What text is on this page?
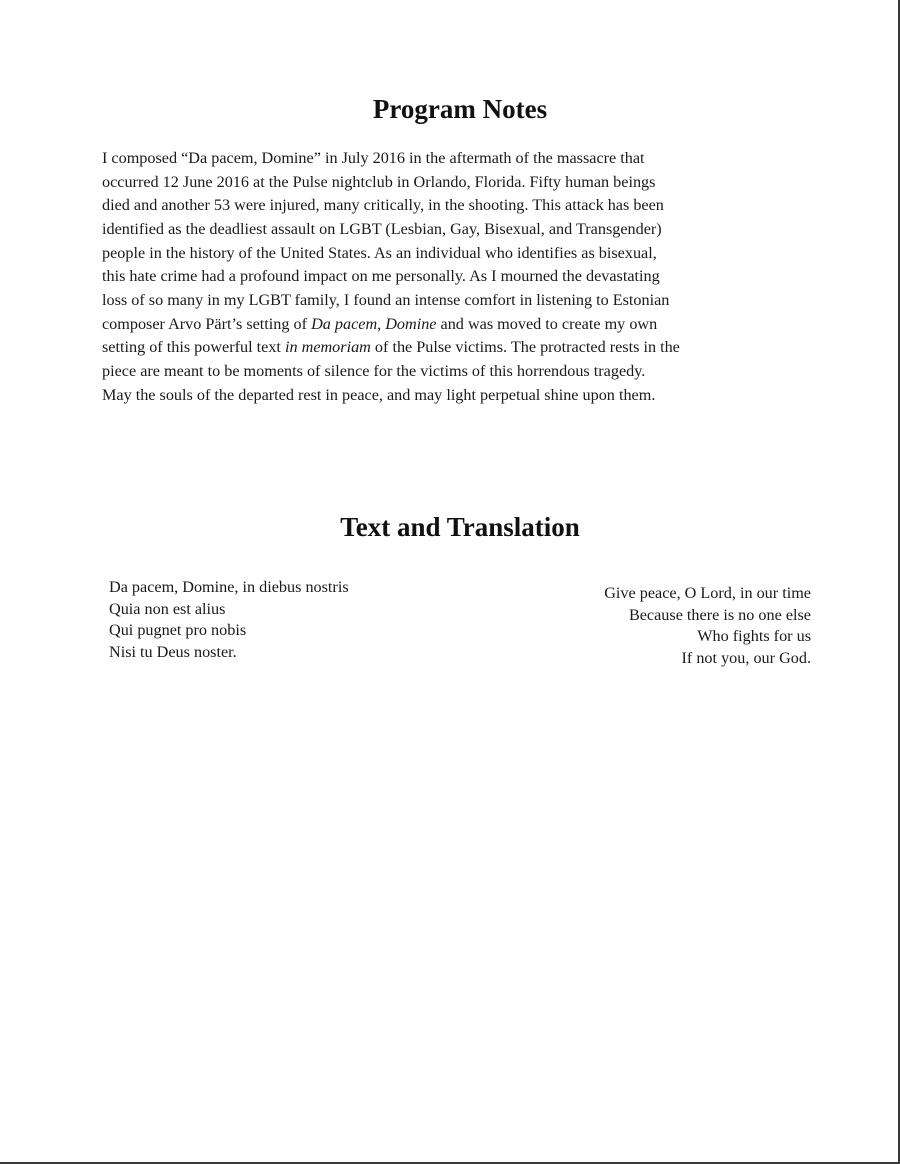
Program Notes

I composed “Da pacem, Domine” in July 2016 in the aftermath of the massacre that
occurred 12 June 2016 at the Pulse nightclub in Orlando, Florida. Fifty human beings
died and another 53 were injured, many critically, in the shooting. This attack has been
identified as the deadliest assault on LGBT (Lesbian, Gay, Bisexual, and Transgender)
people in the history of the United States. As an individual who identifies as bisexual,
this hate crime had a profound impact on me personally. As I mourned the devastating
loss of so many in my LGBT family, I found an intense comfort in listening to Estonian
composer Arvo Pärt’s setting of Da pacem, Domine and was moved to create my own
setting of this powerful text in memoriam of the Pulse victims. The protracted rests in the
piece are meant to be moments of silence for the victims of this horrendous tragedy.
May the souls of the departed rest in peace, and may light perpetual shine upon them.

Text and Translation
Da pacem, Domine, in diebus nostris
Quia non est alius
Qui pugnet pro nobis
Nisi tu Deus noster.
Give peace, O Lord, in our time
Because there is no one else
Who fights for us
If not you, our God.
